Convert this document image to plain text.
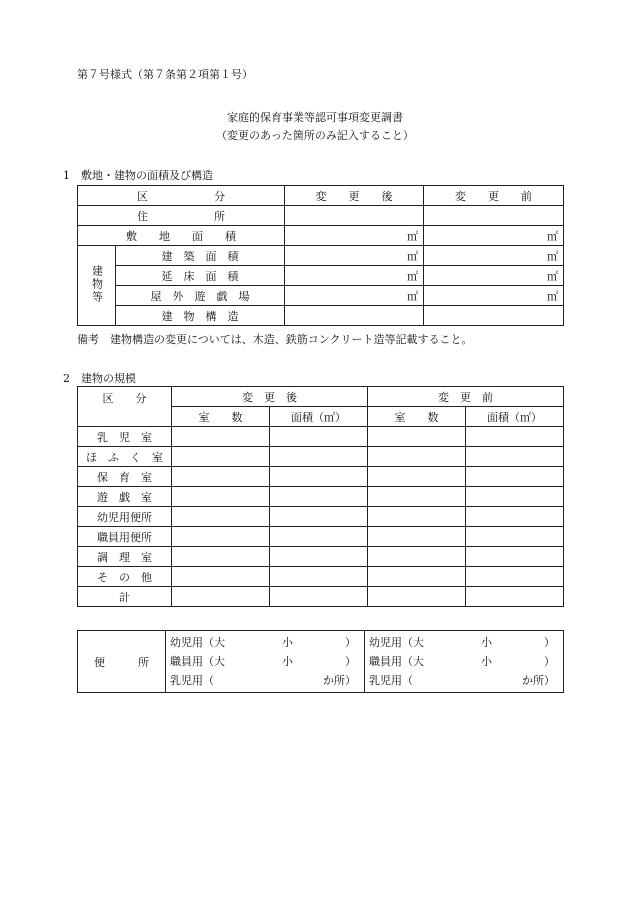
第７号様式（第７条第２項第１号）
家庭的保育事業等認可事項変更調書
（変更のあった箇所のみ記入すること）
1　敷地・建物の面積及び構造
区　　　　　　分		変　　更　　後	変　　更　　前
住　　　　　　所			
敷　　地　　面　　積		㎡	㎡
建物等	建　築　面　積	㎡	㎡
	延　床　面　積	㎡	㎡
	屋　外　遊　戯　場	㎡	㎡
	建　物　構　造		
備考　建物構造の変更については、木造、鉄筋コンクリート造等記載すること。
2　建物の規模
区　　分	変　更　後		変　更　前	
	室　　数	面積（㎡）	室　　数	面積（㎡）
乳　児　室				
ほ　ふ　く　室				
保　育　室				
遊　戯　室				
幼児用便所				
職員用便所				
調　理　室				
そ　の　他				
計				
便　　　所	
幼児用（大	小	）
職員用（大	小	）
乳児用（	か所）

幼児用（大	小	）
職員用（大	小	）
乳児用（	か所）
